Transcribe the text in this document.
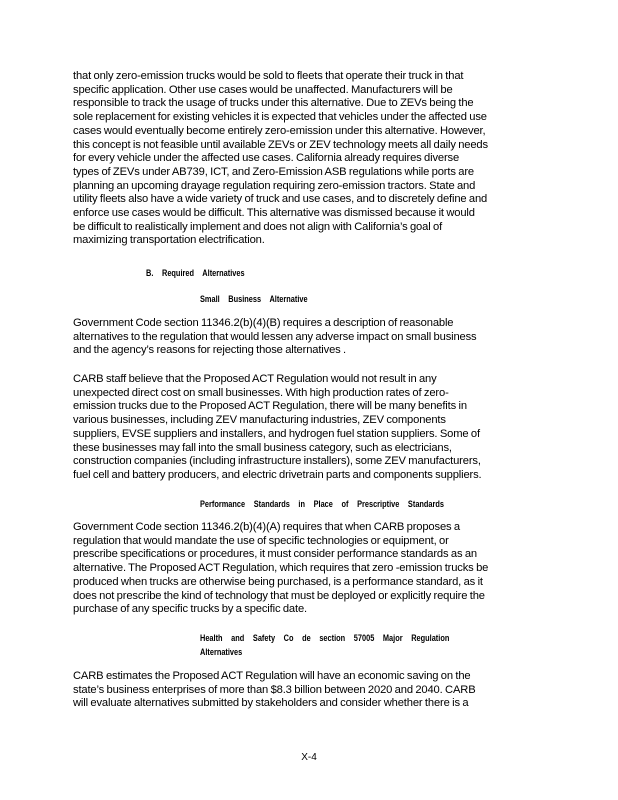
that only zero-emission trucks would be sold to fleets that operate their truck in that
specific application. Other use cases would be unaffected. Manufacturers will be
responsible to track the usage of trucks under this alternative. Due to ZEVs being the
sole replacement for existing vehicles it is expected that vehicles under the affected use
cases would eventually become entirely zero-emission under this alternative. However,
this concept is not feasible until available ZEVs or ZEV technology meets all daily needs
for every vehicle under the affected use cases. California already requires diverse
types of ZEVs under AB739, ICT, and Zero-Emission ASB regulations while ports are
planning an upcoming drayage regulation requiring zero-emission tractors. State and
utility fleets also have a wide variety of truck and use cases, and to discretely define and
enforce use cases would be difficult. This alternative was dismissed because it would
be difficult to realistically implement and does not align with California’s goal of
maximizing transportation electrification.

B. Required Alternatives

Small Business Alternative

Government Code section 11346.2(b)(4)(B) requires a description of reasonable
alternatives to the regulation that would lessen any adverse impact on small business
and the agency’s reasons for rejecting those alternatives .

CARB staff believe that the Proposed ACT Regulation would not result in any
unexpected direct cost on small businesses. With high production rates of zero-
emission trucks due to the Proposed ACT Regulation, there will be many benefits in
various businesses, including ZEV manufacturing industries, ZEV components
suppliers, EVSE suppliers and installers, and hydrogen fuel station suppliers. Some of
these businesses may fall into the small business category, such as electricians,
construction companies (including infrastructure installers), some ZEV manufacturers,
fuel cell and battery producers, and electric drivetrain parts and components suppliers.

Performance Standards in Place of Prescriptive Standards

Government Code section 11346.2(b)(4)(A) requires that when CARB proposes a
regulation that would mandate the use of specific technologies or equipment, or
prescribe specifications or procedures, it must consider performance standards as an
alternative. The Proposed ACT Regulation, which requires that zero -emission trucks be
produced when trucks are otherwise being purchased, is a performance standard, as it
does not prescribe the kind of technology that must be deployed or explicitly require the
purchase of any specific trucks by a specific date.

Health and Safety Co de section 57005 Major Regulation

Alternatives

CARB estimates the Proposed ACT Regulation will have an economic saving on the
state’s business enterprises of more than $8.3 billion between 2020 and 2040. CARB
will evaluate alternatives submitted by stakeholders and consider whether there is a

X-4
